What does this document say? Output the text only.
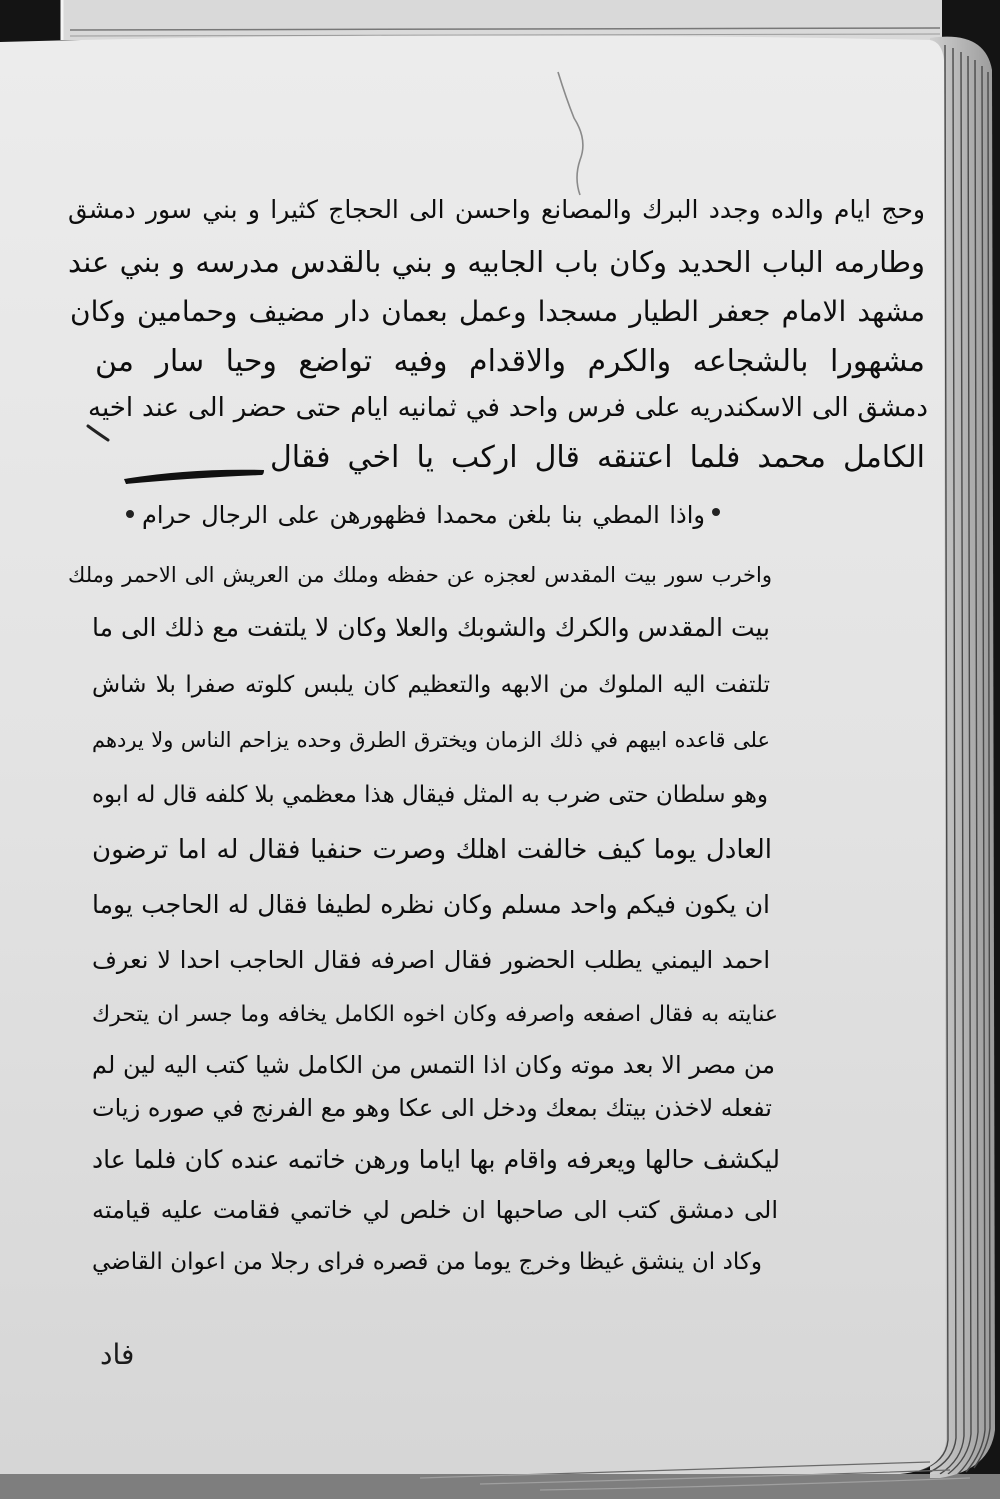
وحج ايام والده وجدد البرك والمصانع واحسن الى الحجاج كثيرا و بني سور دمشق
وطارمه الباب الحديد وكان باب الجابيه و بني بالقدس مدرسه و بني عند
مشهد الامام جعفر الطيار مسجدا وعمل بعمان دار مضيف وحمامين وكان
مشهورا بالشجاعه والكرم والاقدام وفيه تواضع وحيا سار من
دمشق الى الاسكندريه على فرس واحد في ثمانيه ايام حتى حضر الى عند اخيه
الكامل محمد فلما اعتنقه قال اركب يا اخي فقال
واذا المطي بنا بلغن محمدا فظهورهن على الرجال حرام
واخرب سور بيت المقدس لعجزه عن حفظه وملك من العريش الى الاحمر وملك
بيت المقدس والكرك والشوبك والعلا وكان لا يلتفت مع ذلك الى ما
تلتفت اليه الملوك من الابهه والتعظيم كان يلبس كلوته صفرا بلا شاش
على قاعده ابيهم في ذلك الزمان ويخترق الطرق وحده يزاحم الناس ولا يردهم
وهو سلطان حتى ضرب به المثل فيقال هذا معظمي بلا كلفه قال له ابوه
العادل يوما كيف خالفت اهلك وصرت حنفيا فقال له اما ترضون
ان يكون فيكم واحد مسلم وكان نظره لطيفا فقال له الحاجب يوما
احمد اليمني يطلب الحضور فقال اصرفه فقال الحاجب احدا لا نعرف
عنايته به فقال اصفعه واصرفه وكان اخوه الكامل يخافه وما جسر ان يتحرك
من مصر الا بعد موته وكان اذا التمس من الكامل شيا كتب اليه لين لم
تفعله لاخذن بيتك بمعك ودخل الى عكا وهو مع الفرنج في صوره زيات
ليكشف حالها ويعرفه واقام بها اياما ورهن خاتمه عنده كان فلما عاد
الى دمشق كتب الى صاحبها ان خلص لي خاتمي فقامت عليه قيامته
وكاد ان ينشق غيظا وخرج يوما من قصره فراى رجلا من اعوان القاضي
فاد
